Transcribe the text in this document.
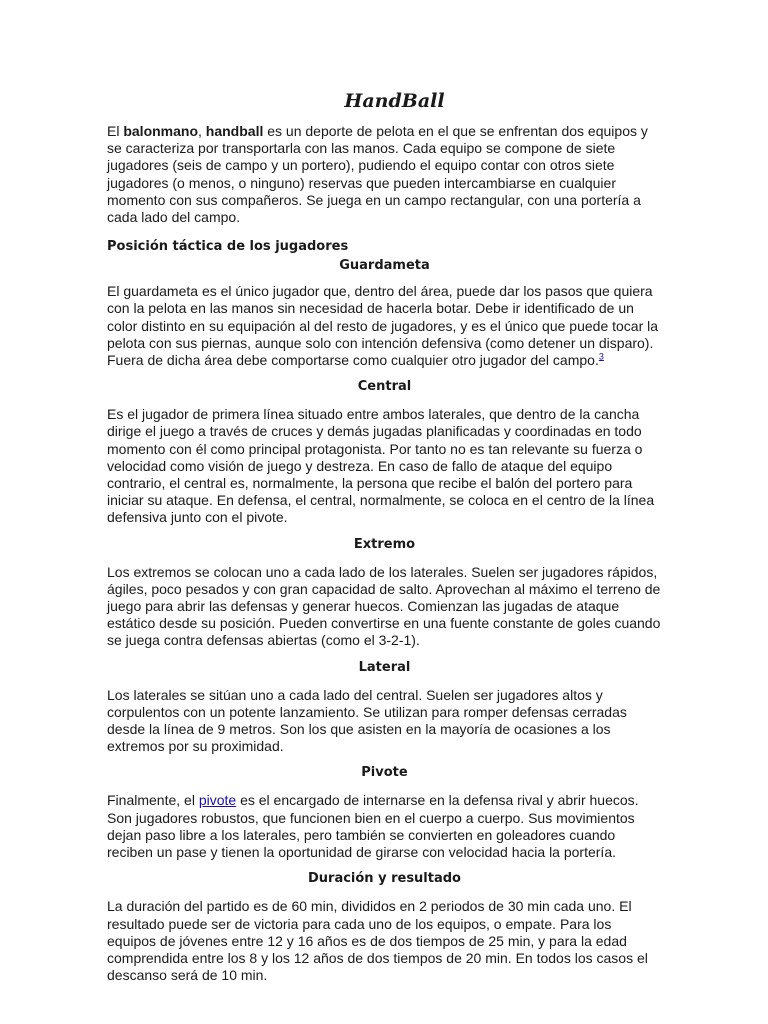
HandBall

El balonmano, handball es un deporte de pelota en el que se enfrentan dos equipos y se caracteriza por transportarla con las manos. Cada equipo se compone de siete jugadores (seis de campo y un portero), pudiendo el equipo contar con otros siete jugadores (o menos, o ninguno) reservas que pueden intercambiarse en cualquier momento con sus compañeros. Se juega en un campo rectangular, con una portería a cada lado del campo.

Posición táctica de los jugadores
Guardameta

El guardameta es el único jugador que, dentro del área, puede dar los pasos que quiera con la pelota en las manos sin necesidad de hacerla botar. Debe ir identificado de un color distinto en su equipación al del resto de jugadores, y es el único que puede tocar la pelota con sus piernas, aunque solo con intención defensiva (como detener un disparo). Fuera de dicha área debe comportarse como cualquier otro jugador del campo.$^3$

Central

Es el jugador de primera línea situado entre ambos laterales, que dentro de la cancha dirige el juego a través de cruces y demás jugadas planificadas y coordinadas en todo momento con él como principal protagonista. Por tanto no es tan relevante su fuerza o velocidad como visión de juego y destreza. En caso de fallo de ataque del equipo contrario, el central es, normalmente, la persona que recibe el balón del portero para iniciar su ataque. En defensa, el central, normalmente, se coloca en el centro de la línea defensiva junto con el pivote.

Extremo

Los extremos se colocan uno a cada lado de los laterales. Suelen ser jugadores rápidos, ágiles, poco pesados y con gran capacidad de salto. Aprovechan al máximo el terreno de juego para abrir las defensas y generar huecos. Comienzan las jugadas de ataque estático desde su posición. Pueden convertirse en una fuente constante de goles cuando se juega contra defensas abiertas (como el 3-2-1).

Lateral

Los laterales se sitúan uno a cada lado del central. Suelen ser jugadores altos y corpulentos con un potente lanzamiento. Se utilizan para romper defensas cerradas desde la línea de 9 metros. Son los que asisten en la mayoría de ocasiones a los extremos por su proximidad.

Pivote

Finalmente, el pivote es el encargado de internarse en la defensa rival y abrir huecos. Son jugadores robustos, que funcionen bien en el cuerpo a cuerpo. Sus movimientos dejan paso libre a los laterales, pero también se convierten en goleadores cuando reciben un pase y tienen la oportunidad de girarse con velocidad hacia la portería.

Duración y resultado

La duración del partido es de 60 min, divididos en 2 periodos de 30 min cada uno. El resultado puede ser de victoria para cada uno de los equipos, o empate. Para los equipos de jóvenes entre 12 y 16 años es de dos tiempos de 25 min, y para la edad comprendida entre los 8 y los 12 años de dos tiempos de 20 min. En todos los casos el descanso será de 10 min.
